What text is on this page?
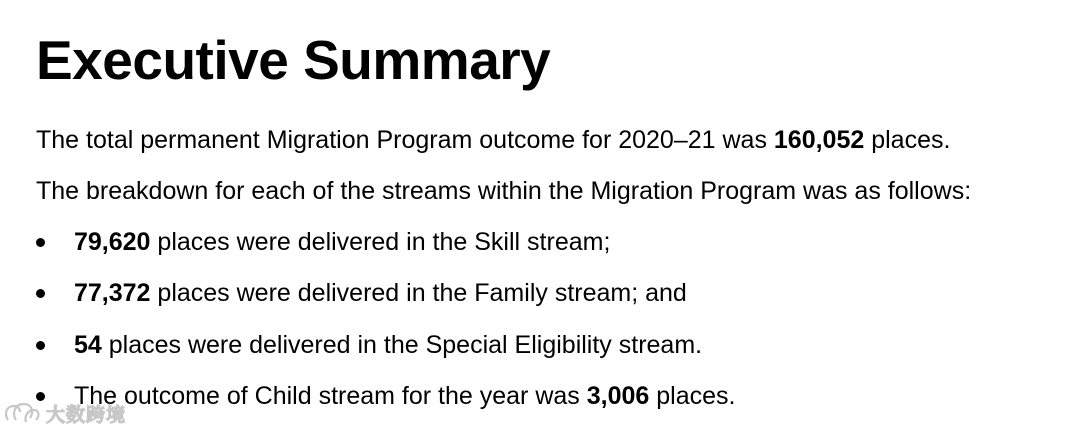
Executive Summary
The total permanent Migration Program outcome for 2020–21 was 160,052 places.
The breakdown for each of the streams within the Migration Program was as follows:
79,620 places were delivered in the Skill stream;
77,372 places were delivered in the Family stream; and
54 places were delivered in the Special Eligibility stream.
The outcome of Child stream for the year was 3,006 places.
大数跨境
